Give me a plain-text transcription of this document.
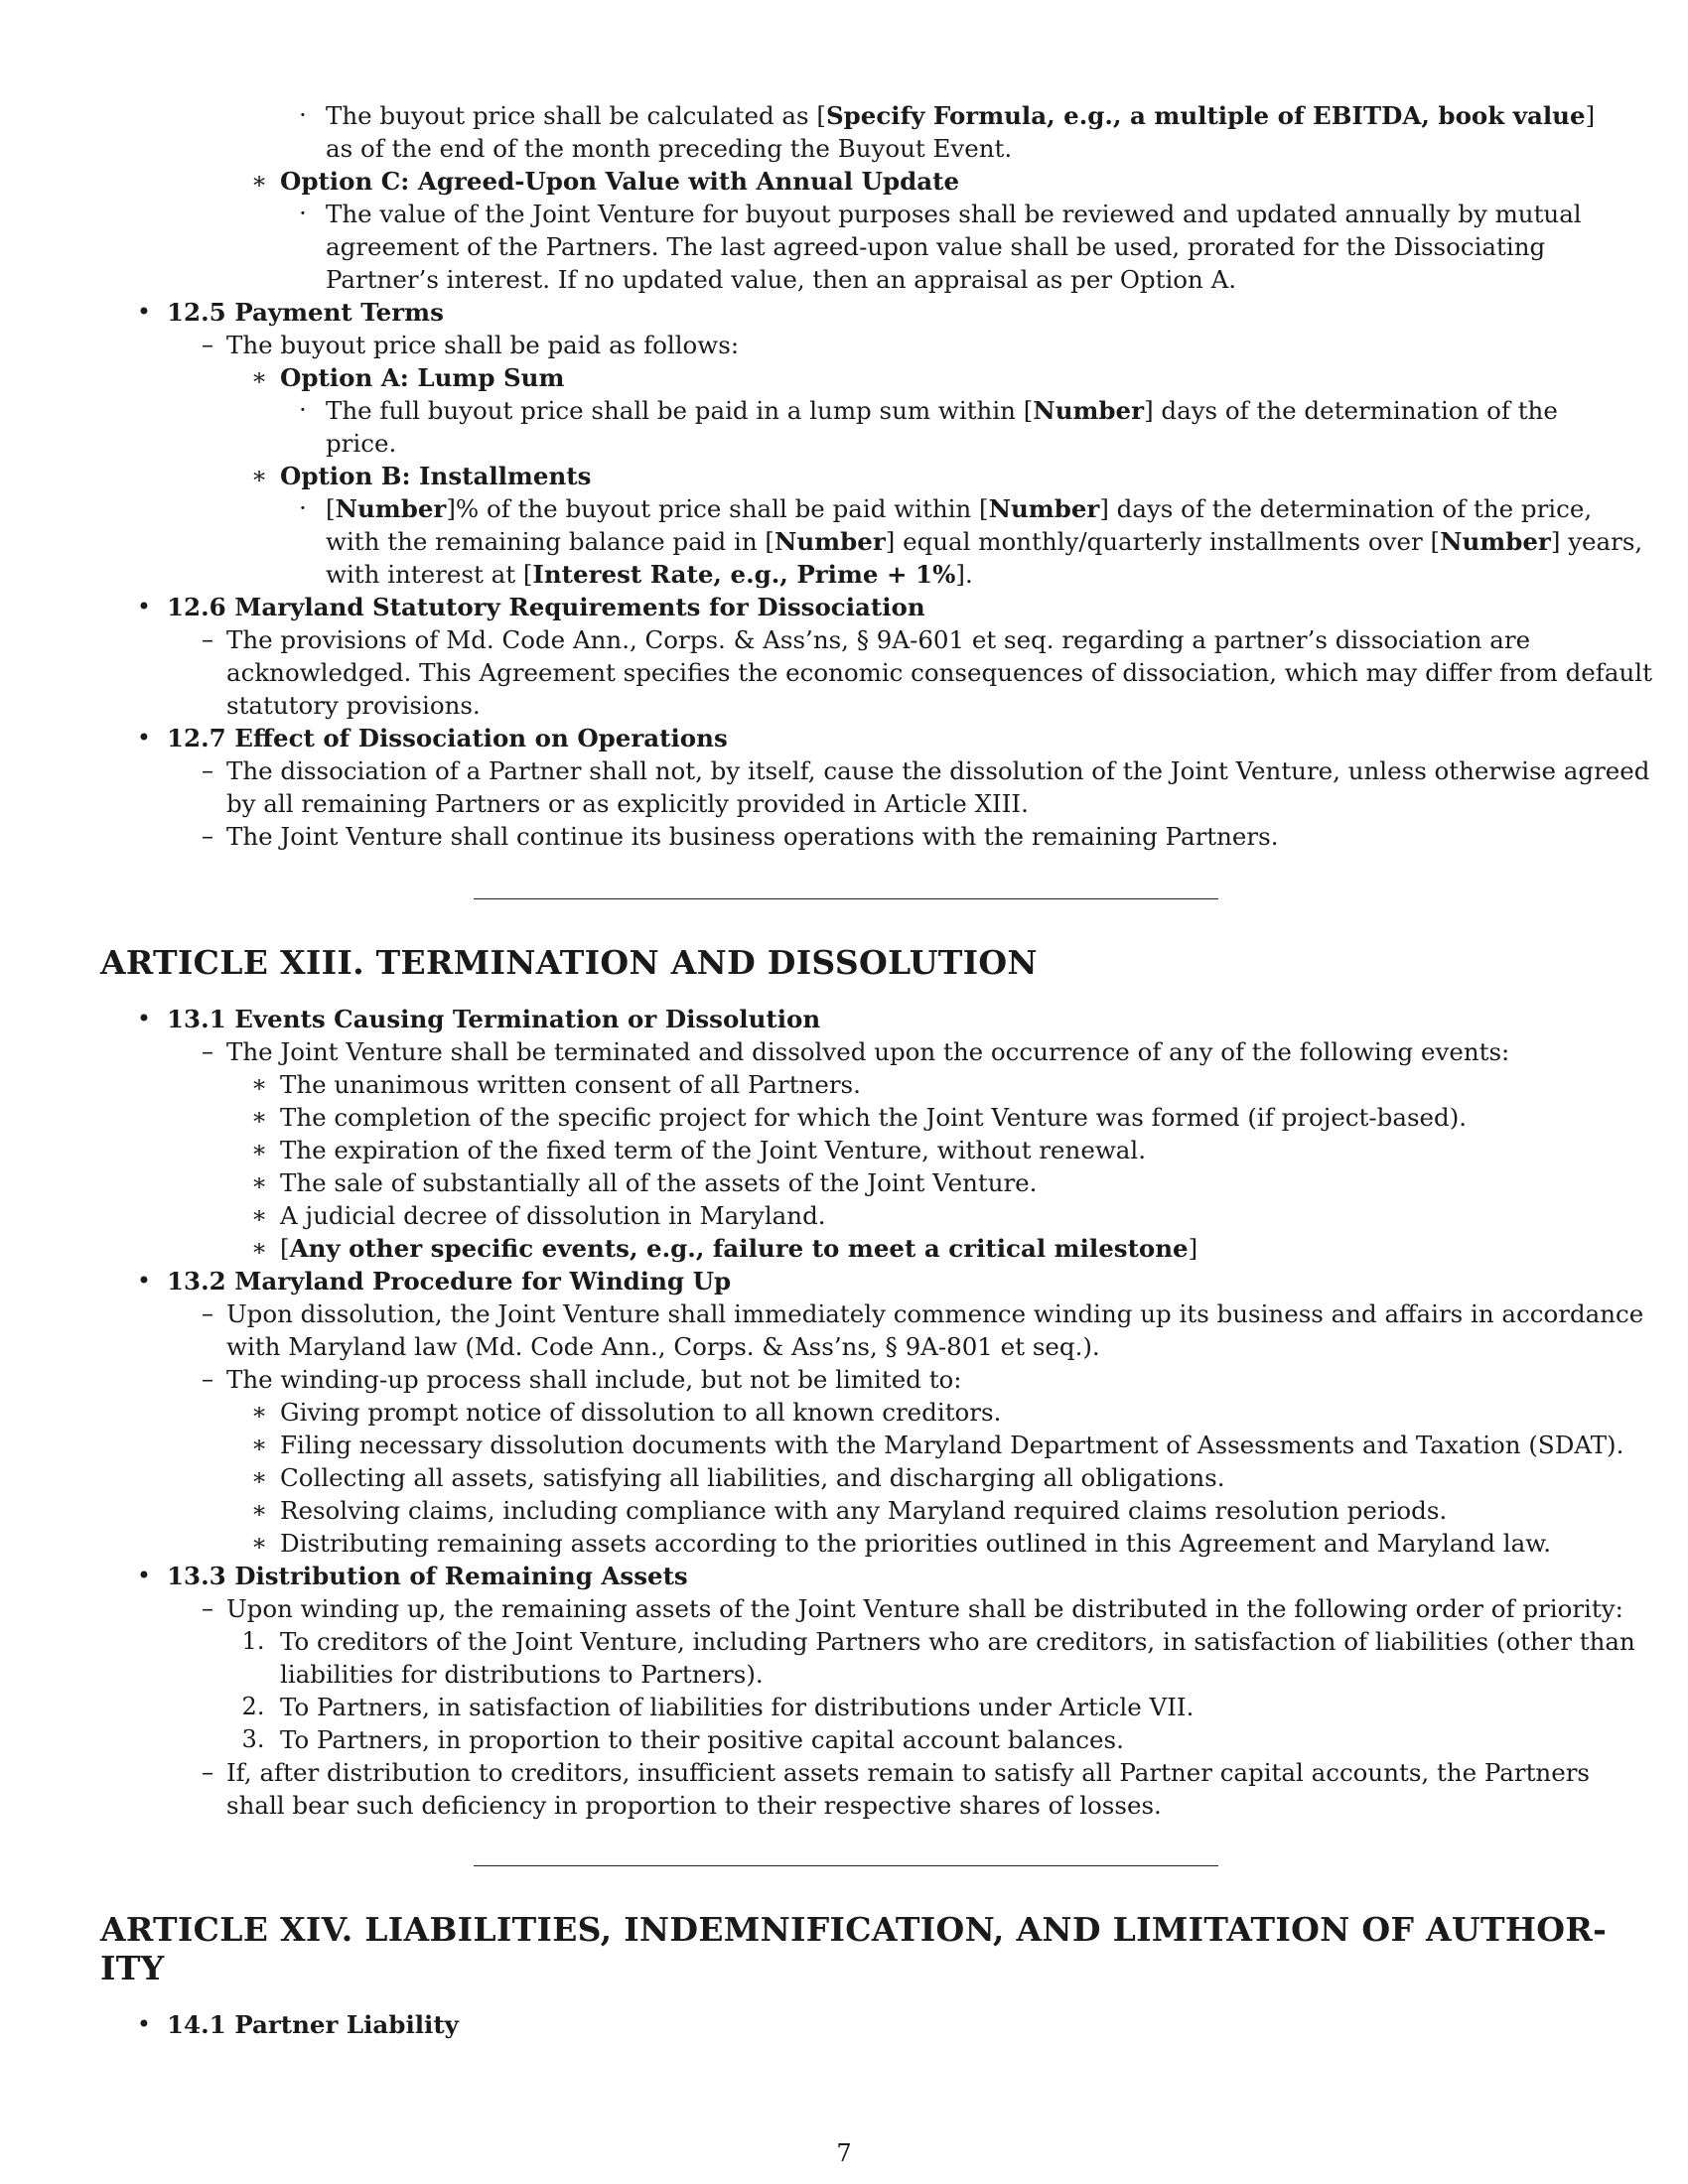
· The buyout price shall be calculated as [Specify Formula, e.g., a multiple of EBITDA, book value]
as of the end of the month preceding the Buyout Event.
∗ Option C: Agreed-Upon Value with Annual Update
· The value of the Joint Venture for buyout purposes shall be reviewed and updated annually by mutual
agreement of the Partners. The last agreed-upon value shall be used, prorated for the Dissociating
Partner’s interest. If no updated value, then an appraisal as per Option A.
• 12.5 Payment Terms
– The buyout price shall be paid as follows:
∗ Option A: Lump Sum
· The full buyout price shall be paid in a lump sum within [Number] days of the determination of the
price.
∗ Option B: Installments
· [Number]% of the buyout price shall be paid within [Number] days of the determination of the price,
with the remaining balance paid in [Number] equal monthly/quarterly installments over [Number] years,
with interest at [Interest Rate, e.g., Prime + 1%].
• 12.6 Maryland Statutory Requirements for Dissociation
– The provisions of Md. Code Ann., Corps. & Ass’ns, § 9A-601 et seq. regarding a partner’s dissociation are
acknowledged. This Agreement specifies the economic consequences of dissociation, which may differ from default
statutory provisions.
• 12.7 Effect of Dissociation on Operations
– The dissociation of a Partner shall not, by itself, cause the dissolution of the Joint Venture, unless otherwise agreed
by all remaining Partners or as explicitly provided in Article XIII.
– The Joint Venture shall continue its business operations with the remaining Partners.
ARTICLE XIII. TERMINATION AND DISSOLUTION
• 13.1 Events Causing Termination or Dissolution
– The Joint Venture shall be terminated and dissolved upon the occurrence of any of the following events:
∗ The unanimous written consent of all Partners.
∗ The completion of the specific project for which the Joint Venture was formed (if project-based).
∗ The expiration of the fixed term of the Joint Venture, without renewal.
∗ The sale of substantially all of the assets of the Joint Venture.
∗ A judicial decree of dissolution in Maryland.
∗ [Any other specific events, e.g., failure to meet a critical milestone]
• 13.2 Maryland Procedure for Winding Up
– Upon dissolution, the Joint Venture shall immediately commence winding up its business and affairs in accordance
with Maryland law (Md. Code Ann., Corps. & Ass’ns, § 9A-801 et seq.).
– The winding-up process shall include, but not be limited to:
∗ Giving prompt notice of dissolution to all known creditors.
∗ Filing necessary dissolution documents with the Maryland Department of Assessments and Taxation (SDAT).
∗ Collecting all assets, satisfying all liabilities, and discharging all obligations.
∗ Resolving claims, including compliance with any Maryland required claims resolution periods.
∗ Distributing remaining assets according to the priorities outlined in this Agreement and Maryland law.
• 13.3 Distribution of Remaining Assets
– Upon winding up, the remaining assets of the Joint Venture shall be distributed in the following order of priority:
1. To creditors of the Joint Venture, including Partners who are creditors, in satisfaction of liabilities (other than
liabilities for distributions to Partners).
2. To Partners, in satisfaction of liabilities for distributions under Article VII.
3. To Partners, in proportion to their positive capital account balances.
– If, after distribution to creditors, insufficient assets remain to satisfy all Partner capital accounts, the Partners
shall bear such deficiency in proportion to their respective shares of losses.
ARTICLE XIV. LIABILITIES, INDEMNIFICATION, AND LIMITATION OF AUTHOR-
ITY
• 14.1 Partner Liability
7
